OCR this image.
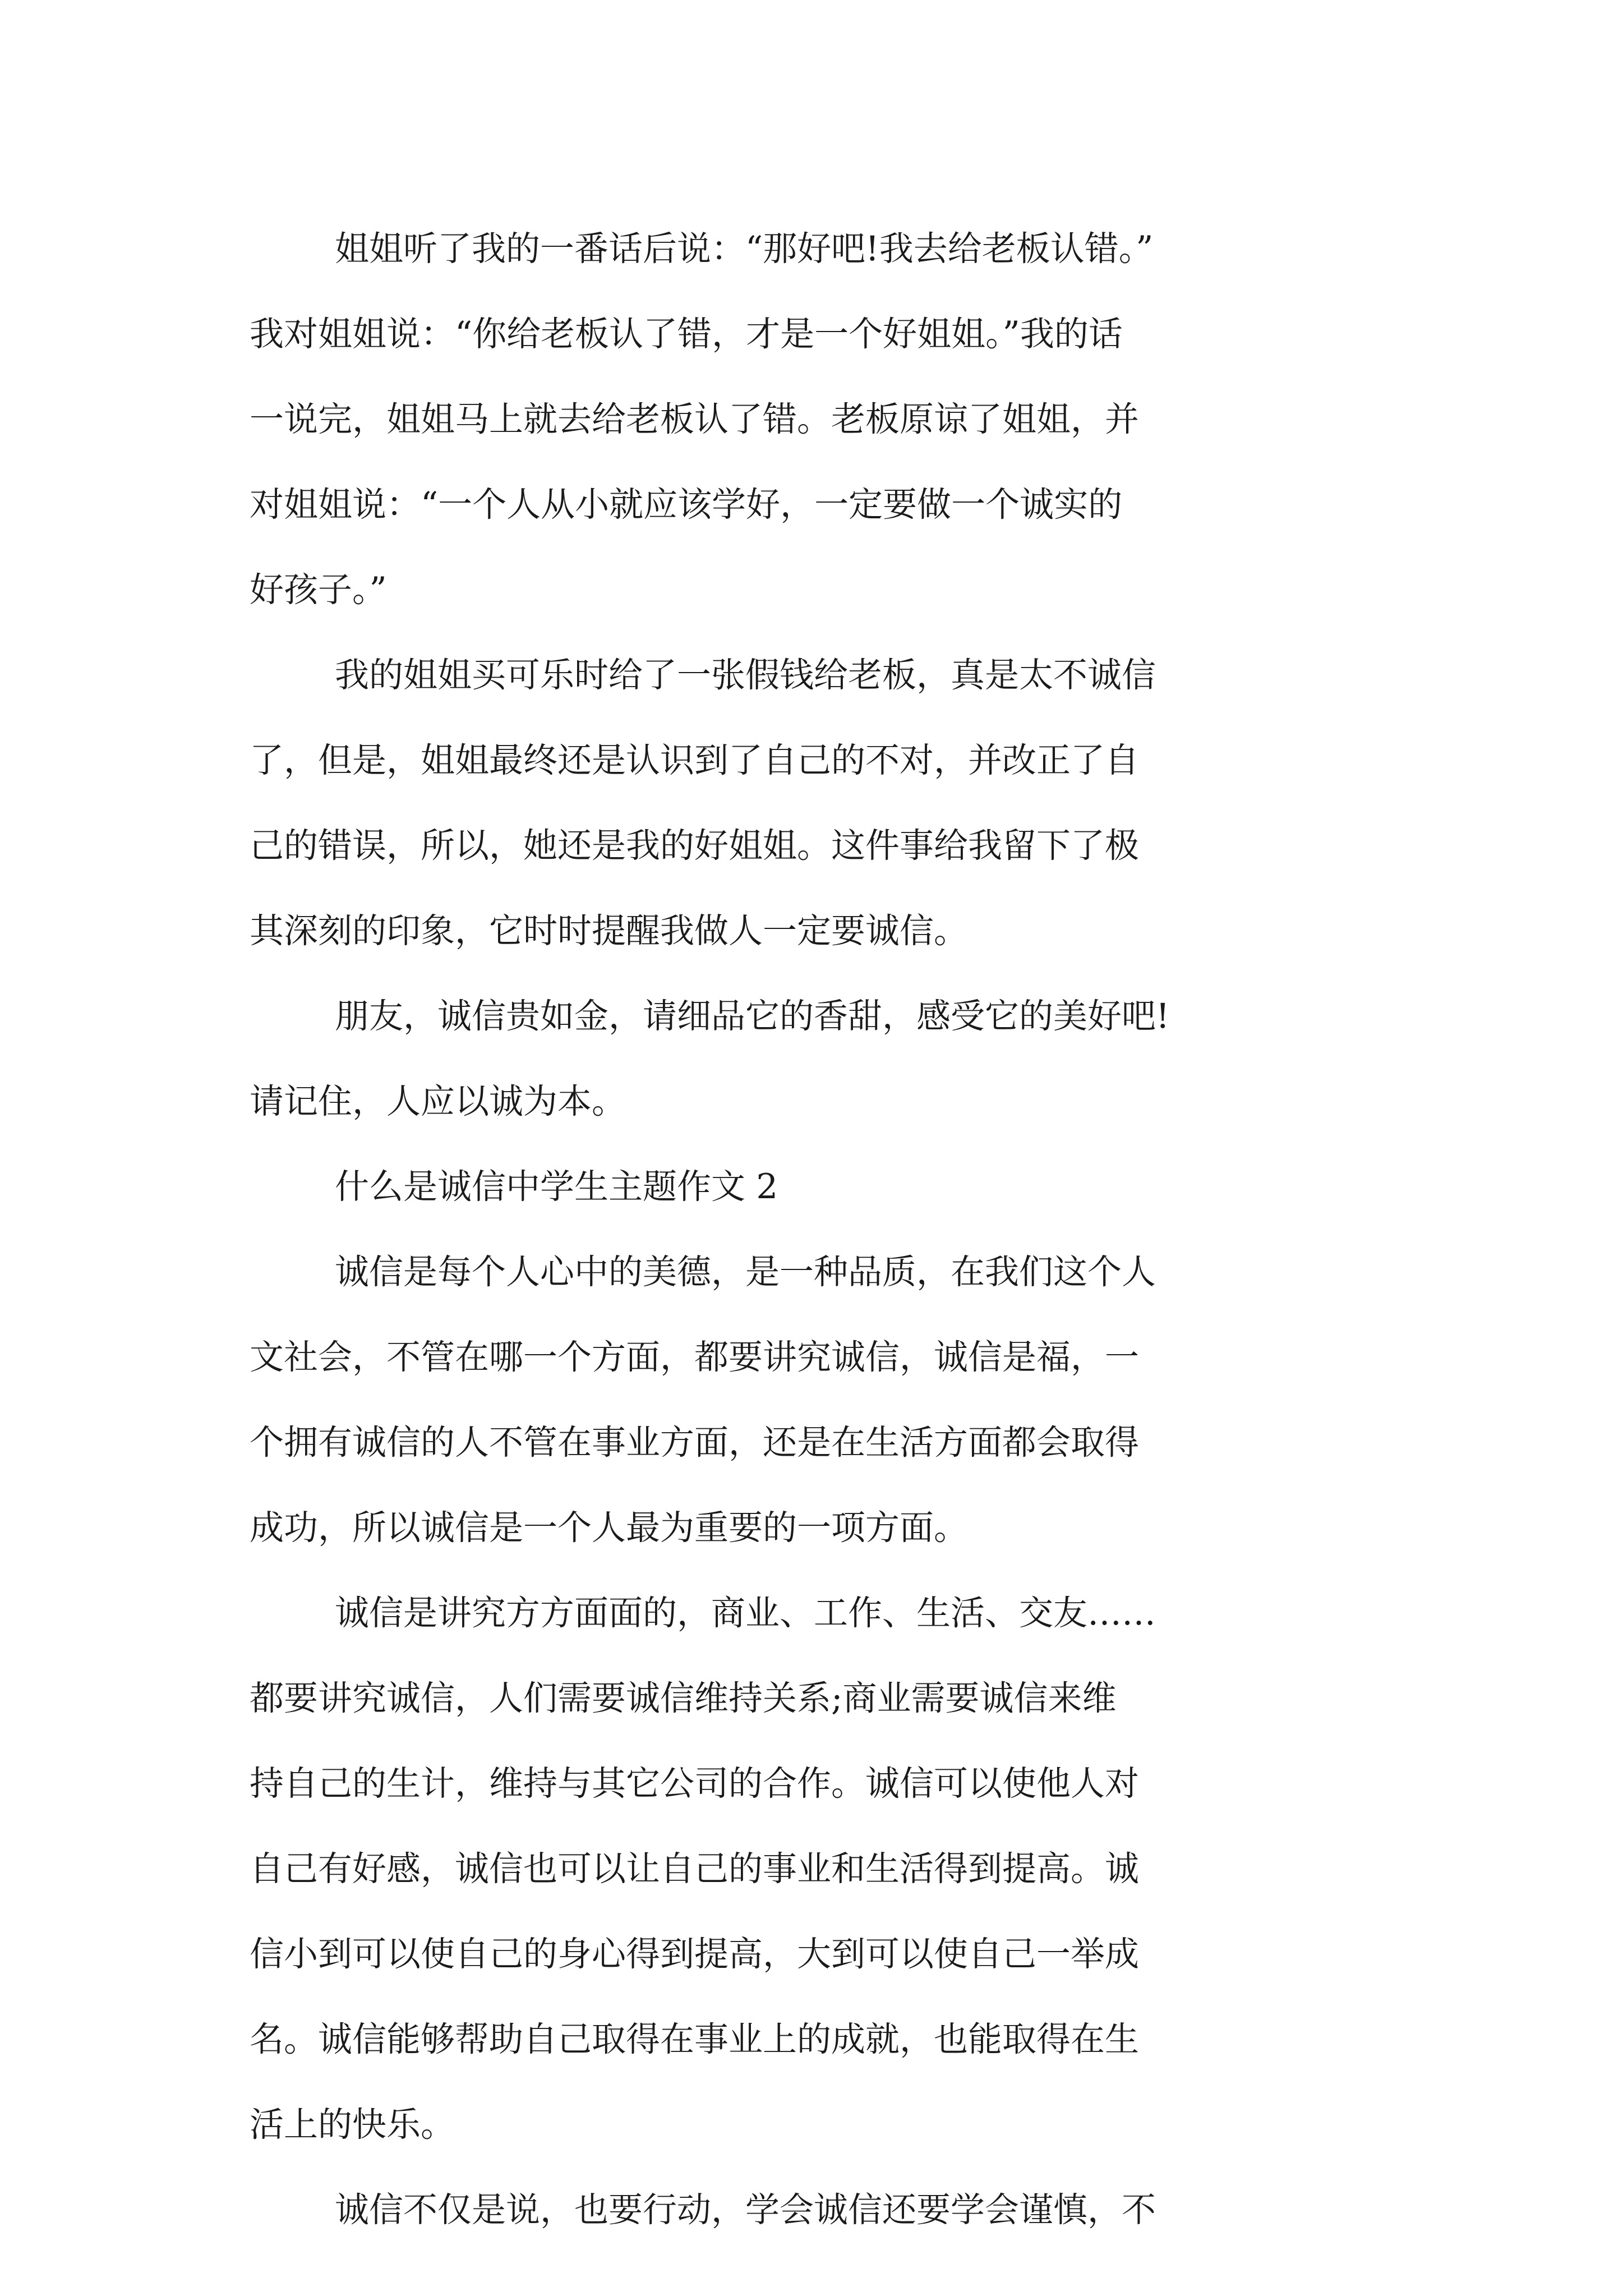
姐姐听了我的一番话后说：“那好吧!我去给老板认错。”
我对姐姐说：“你给老板认了错，才是一个好姐姐。”我的话
一说完，姐姐马上就去给老板认了错。老板原谅了姐姐，并
对姐姐说：“一个人从小就应该学好，一定要做一个诚实的
好孩子。”
我的姐姐买可乐时给了一张假钱给老板，真是太不诚信
了，但是，姐姐最终还是认识到了自己的不对，并改正了自
己的错误，所以，她还是我的好姐姐。这件事给我留下了极
其深刻的印象，它时时提醒我做人一定要诚信。
朋友，诚信贵如金，请细品它的香甜，感受它的美好吧!
请记住，人应以诚为本。
什么是诚信中学生主题作文 2
诚信是每个人心中的美德，是一种品质，在我们这个人
文社会，不管在哪一个方面，都要讲究诚信，诚信是福，一
个拥有诚信的人不管在事业方面，还是在生活方面都会取得
成功，所以诚信是一个人最为重要的一项方面。
诚信是讲究方方面面的，商业、工作、生活、交友……
都要讲究诚信，人们需要诚信维持关系;商业需要诚信来维
持自己的生计，维持与其它公司的合作。诚信可以使他人对
自己有好感，诚信也可以让自己的事业和生活得到提高。诚
信小到可以使自己的身心得到提高，大到可以使自己一举成
名。诚信能够帮助自己取得在事业上的成就，也能取得在生
活上的快乐。
诚信不仅是说，也要行动，学会诚信还要学会谨慎，不
